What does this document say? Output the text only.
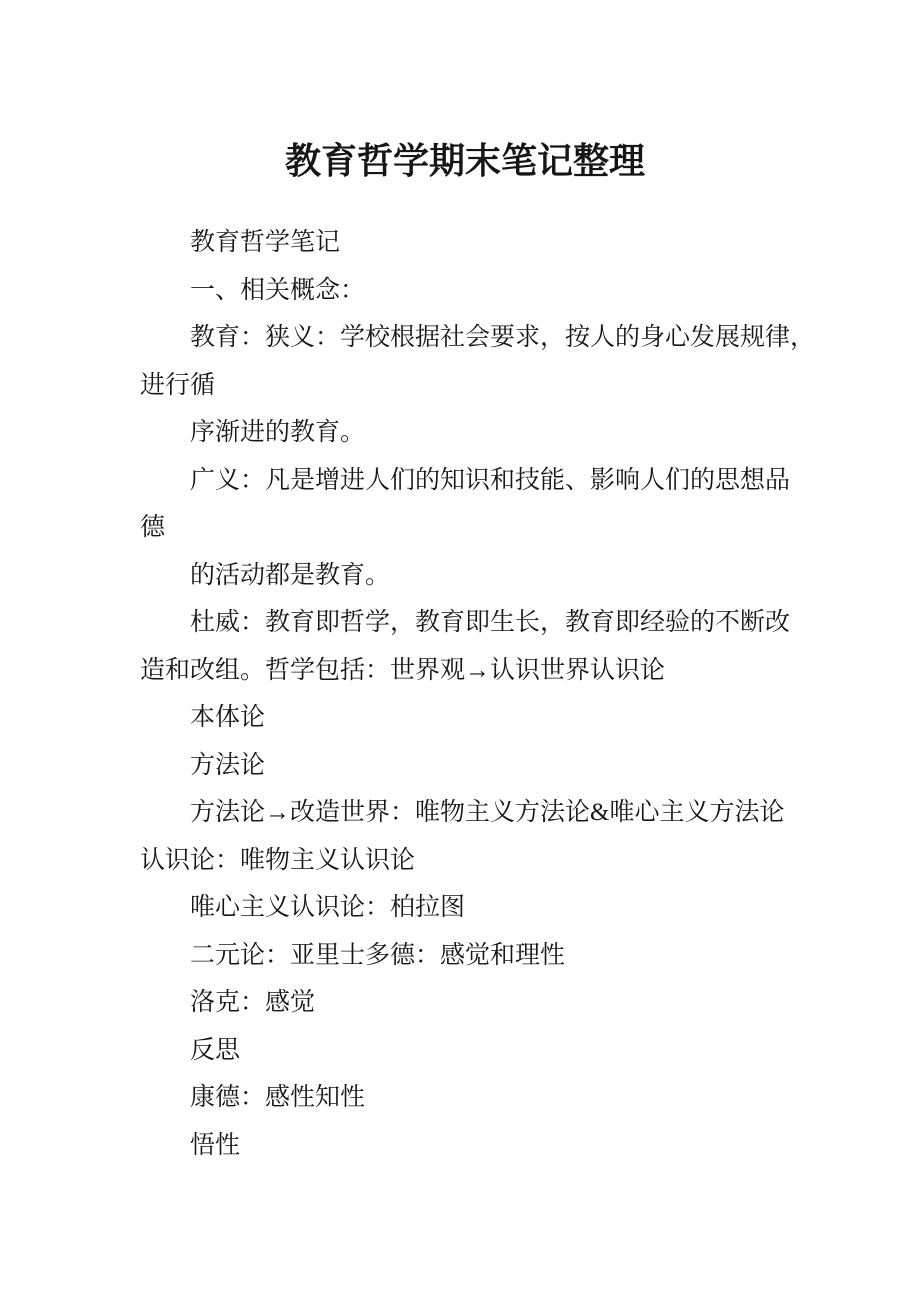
教育哲学期末笔记整理
教育哲学笔记
一、相关概念：
教育：狭义：学校根据社会要求，按人的身心发展规律，
进行循
序渐进的教育。
广义：凡是增进人们的知识和技能、影响人们的思想品
德
的活动都是教育。
杜威：教育即哲学，教育即生长，教育即经验的不断改
造和改组。哲学包括：世界观→认识世界认识论
本体论
方法论
方法论→改造世界：唯物主义方法论&唯心主义方法论
认识论：唯物主义认识论
唯心主义认识论：柏拉图
二元论：亚里士多德：感觉和理性
洛克：感觉
反思
康德：感性知性
悟性
